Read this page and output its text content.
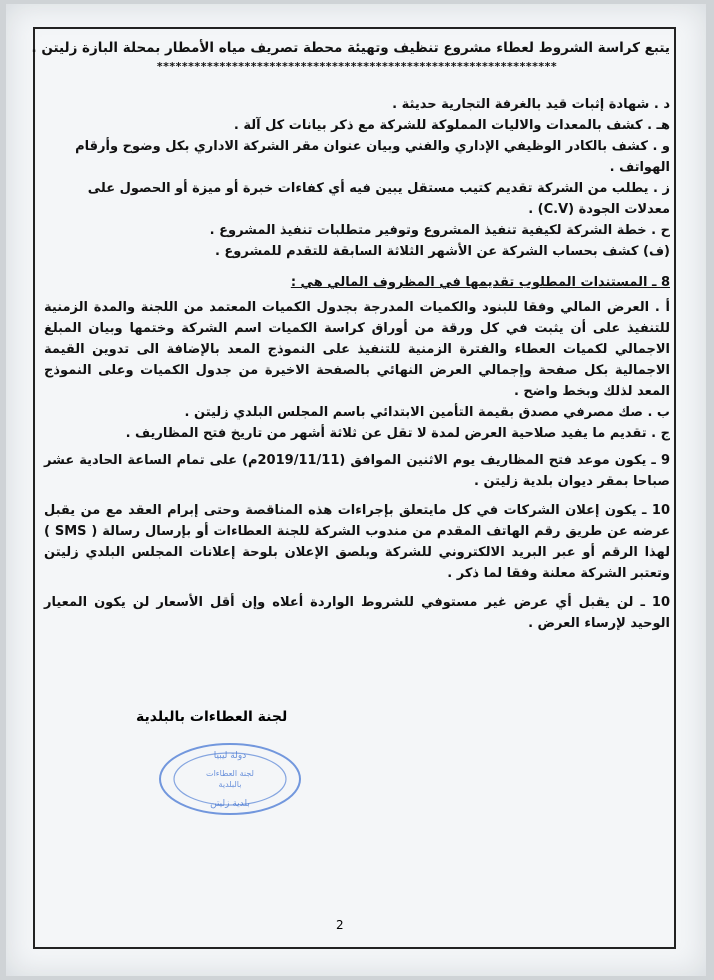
يتبع كراسة الشروط لعطاء مشروع تنظيف وتهيئة محطة تصريف مياه الأمطار بمحلة البازة زليتن .
****************************************************************
د . شهادة إثبات قيد بالغرفة التجارية حديثة .
هـ . كشف بالمعدات والاليات المملوكة للشركة مع ذكر بيانات كل آلة .
و . كشف بالكادر الوظيفي الإداري والفني وبيان عنوان مقر الشركة الاداري بكل وضوح وأرقام الهواتف .
ز . يطلب من الشركة تقديم كتيب مستقل يبين فيه أي كفاءات خبرة أو ميزة أو الحصول على معدلات الجودة (C.V) .
ح . خطة الشركة لكيفية تنفيذ المشروع وتوفير متطلبات تنفيذ المشروع .
(ف) كشف بحساب الشركة عن الأشهر الثلاثة السابقة للتقدم للمشروع .
8 ـ المستندات المطلوب تقديمها في المظروف المالي هي :
أ . العرض المالي وفقا للبنود والكميات المدرجة بجدول الكميات المعتمد من اللجنة والمدة الزمنية للتنفيذ على أن يثبت في كل ورقة من أوراق كراسة الكميات اسم الشركة وختمها وبيان المبلغ الاجمالي لكميات العطاء والفترة الزمنية للتنفيذ على النموذج المعد بالإضافة الى تدوين القيمة الاجمالية بكل صفحة وإجمالي العرض النهائي بالصفحة الاخيرة من جدول الكميات وعلى النموذج المعد لذلك وبخط واضح .
ب . صك مصرفي مصدق بقيمة التأمين الابتدائي باسم المجلس البلدي زليتن .
ج . تقديم ما يفيد صلاحية العرض لمدة لا تقل عن ثلاثة أشهر من تاريخ فتح المظاريف .
9 ـ يكون موعد فتح المظاريف يوم الاثنين الموافق (2019/11/11م) على تمام الساعة الحادية عشر صباحا بمقر ديوان بلدية زليتن .
10 ـ يكون إعلان الشركات في كل مايتعلق بإجراءات هذه المناقصة وحتى إبرام العقد مع من يقبل عرضه عن طريق رقم الهاتف المقدم من مندوب الشركة للجنة العطاءات أو بإرسال رسالة ( SMS ) لهذا الرقم أو عبر البريد الالكتروني للشركة وبلصق الإعلان بلوحة إعلانات المجلس البلدي زليتن وتعتبر الشركة معلنة وفقا لما ذكر .
10 ـ لن يقبل أي عرض غير مستوفي للشروط الواردة أعلاه وإن أقل الأسعار لن يكون المعيار الوحيد لإرساء العرض .
لجنة العطاءات بالبلدية
دولة ليبيا
لجنة العطاءات
بالبلدية
بلدية زليتن
2
